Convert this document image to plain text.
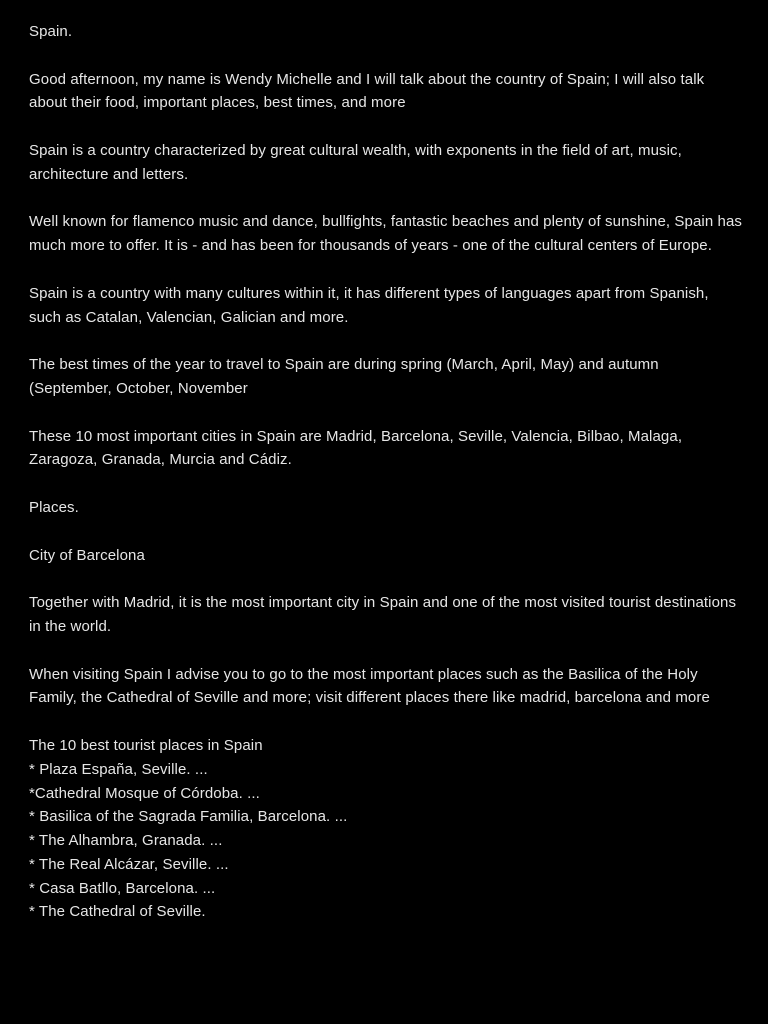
Spain.

Good afternoon, my name is Wendy Michelle and I will talk about the country of Spain; I will also talk about their food, important places, best times, and more

Spain is a country characterized by great cultural wealth, with exponents in the field of art, music, architecture and letters.

Well known for flamenco music and dance, bullfights, fantastic beaches and plenty of sunshine, Spain has much more to offer. It is - and has been for thousands of years - one of the cultural centers of Europe.

Spain is a country with many cultures within it, it has different types of languages apart from Spanish, such as Catalan, Valencian, Galician and more.

The best times of the year to travel to Spain are during spring (March, April, May) and autumn (September, October, November

These 10 most important cities in Spain are Madrid, Barcelona, Seville, Valencia, Bilbao, Malaga, Zaragoza, Granada, Murcia and Cádiz.

Places.

City of Barcelona

Together with Madrid, it is the most important city in Spain and one of the most visited tourist destinations in the world.

When visiting Spain I advise you to go to the most important places such as the Basilica of the Holy Family, the Cathedral of Seville and more; visit different places there like madrid, barcelona and more

The 10 best tourist places in Spain
* Plaza España, Seville. ...
*Cathedral Mosque of Córdoba. ...
* Basilica of the Sagrada Familia, Barcelona. ...
* The Alhambra, Granada. ...
* The Real Alcázar, Seville. ...
* Casa Batllo, Barcelona. ...
* The Cathedral of Seville.
